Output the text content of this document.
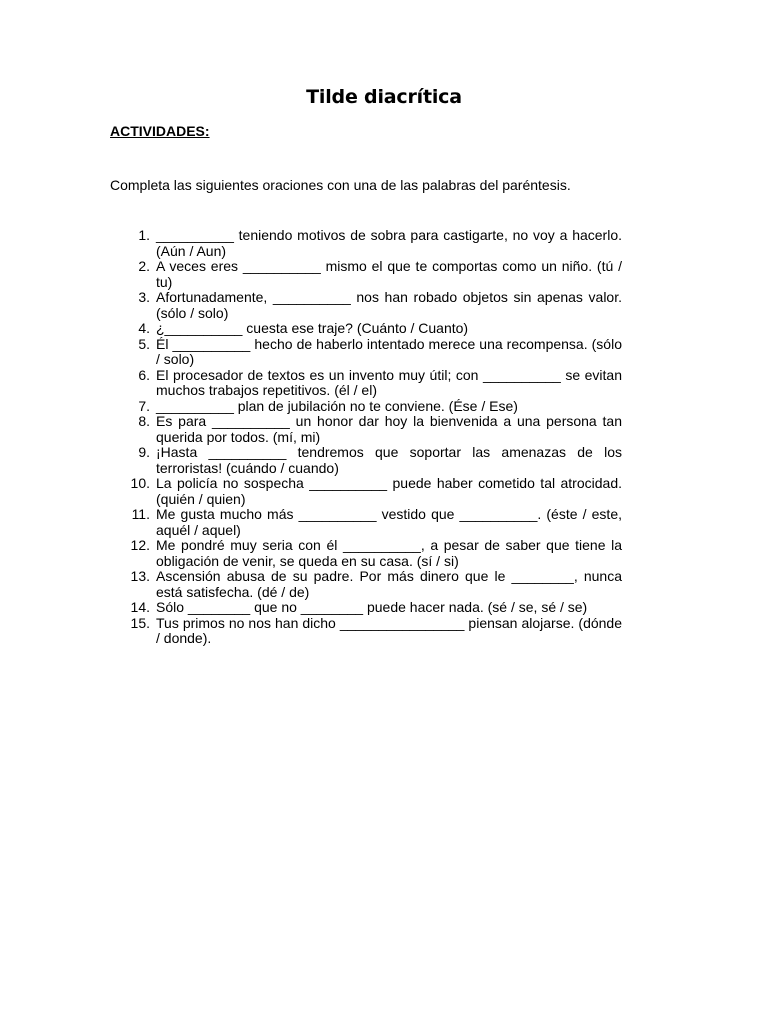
Tilde diacrítica
ACTIVIDADES:
Completa las siguientes oraciones con una de las palabras del paréntesis.
1. __________ teniendo motivos de sobra para castigarte, no voy a hacerlo. (Aún / Aun)
2. A veces eres __________ mismo el que te comportas como un niño. (tú / tu)
3. Afortunadamente, __________ nos han robado objetos sin apenas valor. (sólo / solo)
4. ¿__________ cuesta ese traje? (Cuánto / Cuanto)
5. Él __________ hecho de haberlo intentado merece una recompensa. (sólo / solo)
6. El procesador de textos es un invento muy útil; con __________ se evitan muchos trabajos repetitivos. (él / el)
7. __________ plan de jubilación no te conviene. (Ése / Ese)
8. Es para __________ un honor dar hoy la bienvenida a una persona tan querida por todos. (mí, mi)
9. ¡Hasta __________ tendremos que soportar las amenazas de los terroristas! (cuándo / cuando)
10. La policía no sospecha __________ puede haber cometido tal atrocidad. (quién / quien)
11. Me gusta mucho más __________ vestido que __________. (éste / este, aquél / aquel)
12. Me pondré muy seria con él __________, a pesar de saber que tiene la obligación de venir, se queda en su casa. (sí / si)
13. Ascensión abusa de su padre. Por más dinero que le ________, nunca está satisfecha. (dé / de)
14. Sólo ________ que no ________ puede hacer nada. (sé / se, sé / se)
15. Tus primos no nos han dicho ________________ piensan alojarse. (dónde / donde).
